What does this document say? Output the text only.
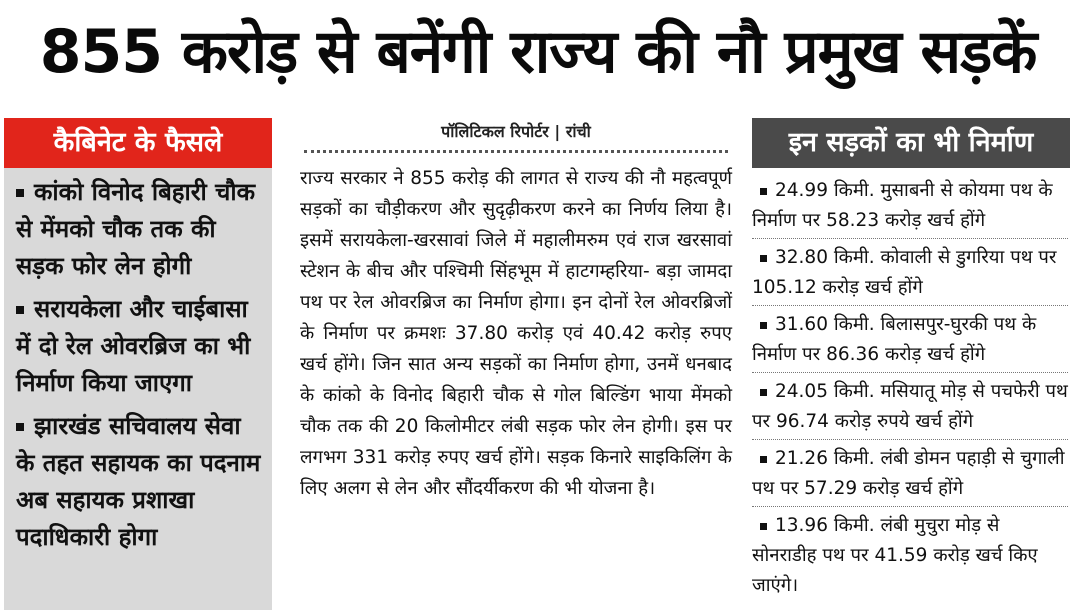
855 करोड़ से बनेंगी राज्य की नौ प्रमुख सड़कें
कैबिनेट के फैसले
कांको विनोद बिहारी चौक से मेंमको चौक तक की सड़क फोर लेन होगी
सरायकेला और चाईबासा में दो रेल ओवरब्रिज का भी निर्माण किया जाएगा
झारखंड सचिवालय सेवा के तहत सहायक का पदनाम अब सहायक प्रशाखा पदाधिकारी होगा
पॉलिटिकल रिपोर्टर | रांची
राज्य सरकार ने 855 करोड़ की लागत से राज्य की नौ महत्वपूर्ण सड़कों का चौड़ीकरण और सुदृढ़ीकरण करने का निर्णय लिया है। इसमें सरायकेला-खरसावां जिले में महालीमरुम एवं राज खरसावां स्टेशन के बीच और पश्चिमी सिंहभूम में हाटगम्हरिया- बड़ा जामदा पथ पर रेल ओवरब्रिज का निर्माण होगा। इन दोनों रेल ओवरब्रिजों के निर्माण पर क्रमशः 37.80 करोड़ एवं 40.42 करोड़ रुपए खर्च होंगे। जिन सात अन्य सड़कों का निर्माण होगा, उनमें धनबाद के कांको के विनोद बिहारी चौक से गोल बिल्डिंग भाया मेंमको चौक तक की 20 किलोमीटर लंबी सड़क फोर लेन होगी। इस पर लगभग 331 करोड़ रुपए खर्च होंगे। सड़क किनारे साइकिलिंग के लिए अलग से लेन और सौंदर्यीकरण की भी योजना है।
इन सड़कों का भी निर्माण
24.99 किमी. मुसाबनी से कोयमा पथ के निर्माण पर 58.23 करोड़ खर्च होंगे
32.80 किमी. कोवाली से डुगरिया पथ पर 105.12 करोड़ खर्च होंगे
31.60 किमी. बिलासपुर-घुरकी पथ के निर्माण पर 86.36 करोड़ खर्च होंगे
24.05 किमी. मसियातू मोड़ से पचफेरी पथ पर 96.74 करोड़ रुपये खर्च होंगे
21.26 किमी. लंबी डोमन पहाड़ी से चुगाली पथ पर 57.29 करोड़ खर्च होंगे
13.96 किमी. लंबी मुचुरा मोड़ से सोनराडीह पथ पर 41.59 करोड़ खर्च किए जाएंगे।
